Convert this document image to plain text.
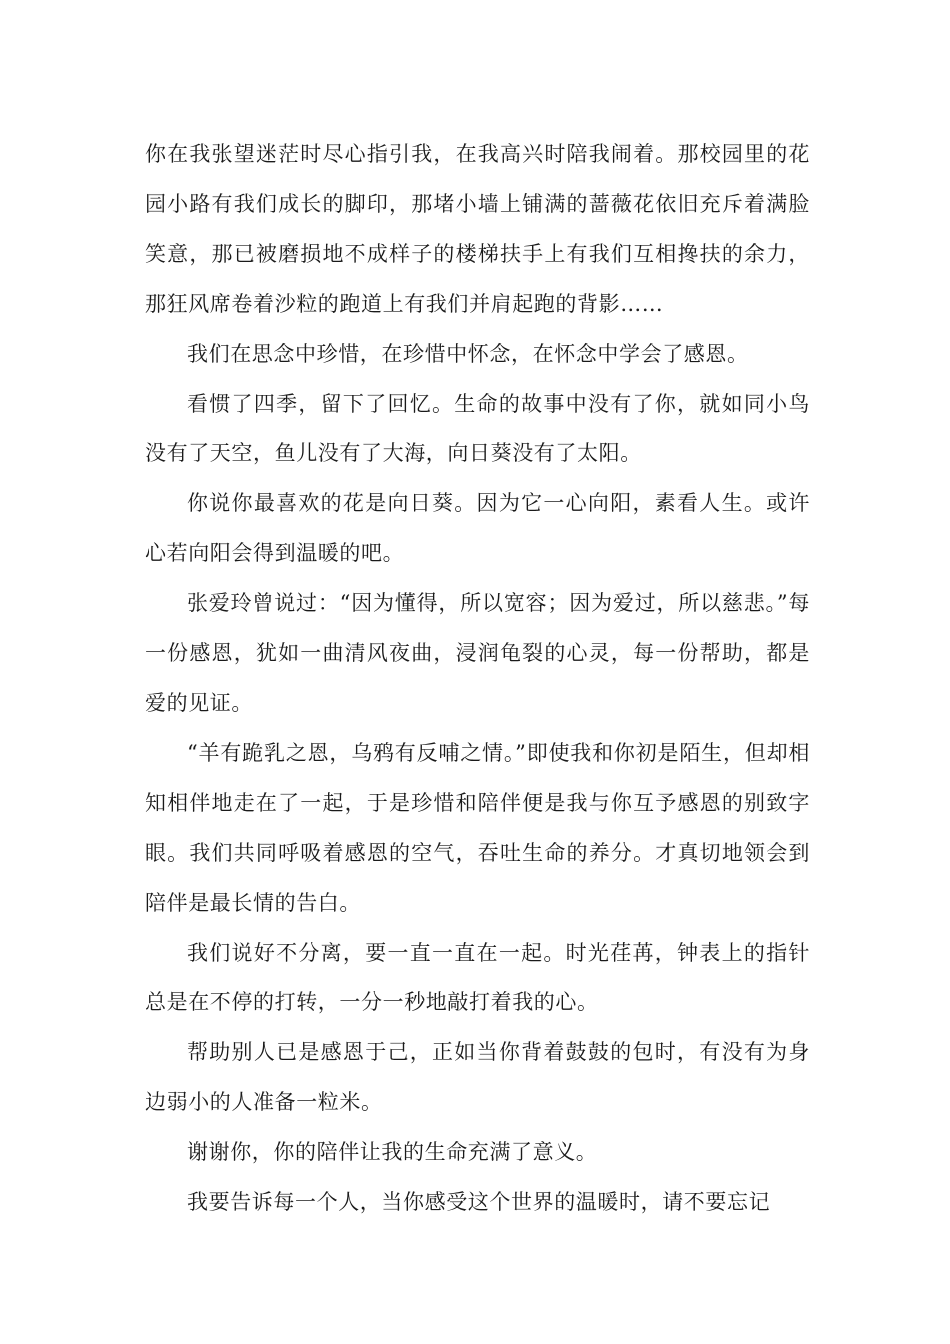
你在我张望迷茫时尽心指引我，在我高兴时陪我闹着。那校园里的花园小路有我们成长的脚印，那堵小墙上铺满的蔷薇花依旧充斥着满脸笑意，那已被磨损地不成样子的楼梯扶手上有我们互相搀扶的余力，那狂风席卷着沙粒的跑道上有我们并肩起跑的背影……

我们在思念中珍惜，在珍惜中怀念，在怀念中学会了感恩。

看惯了四季，留下了回忆。生命的故事中没有了你，就如同小鸟没有了天空，鱼儿没有了大海，向日葵没有了太阳。

你说你最喜欢的花是向日葵。因为它一心向阳，素看人生。或许心若向阳会得到温暖的吧。

张爱玲曾说过：“因为懂得，所以宽容；因为爱过，所以慈悲。”每一份感恩，犹如一曲清风夜曲，浸润龟裂的心灵，每一份帮助，都是爱的见证。

“羊有跪乳之恩，乌鸦有反哺之情。”即使我和你初是陌生，但却相知相伴地走在了一起，于是珍惜和陪伴便是我与你互予感恩的别致字眼。我们共同呼吸着感恩的空气，吞吐生命的养分。才真切地领会到陪伴是最长情的告白。

我们说好不分离，要一直一直在一起。时光荏苒，钟表上的指针总是在不停的打转，一分一秒地敲打着我的心。

帮助别人已是感恩于己，正如当你背着鼓鼓的包时，有没有为身边弱小的人准备一粒米。

谢谢你，你的陪伴让我的生命充满了意义。

我要告诉每一个人，当你感受这个世界的温暖时，请不要忘记
